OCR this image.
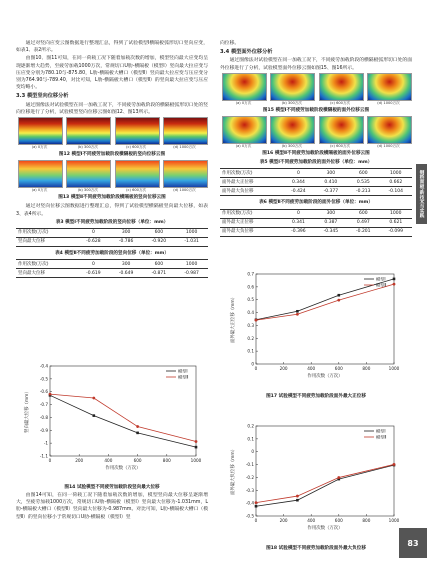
通过对竖向应变云图数据进行整理汇总，得到了试验模型Ⅰ横隔板弧形切口竖向应变，如表1、表2所示。

由图10、图11可知，在同一荷载工况下随着加载次数的增加，模型竖向最大应变均呈现逐渐增大趋势，至疲劳加载1000万次，常规切口U肋-横隔板（模型Ⅰ）竖向最大拉应变与压应变分别为780.10与-875.80，L肋-横隔板大槽口（模型Ⅱ）竖向最大拉应变与压应变分别为764.90与-789.40，对比可知，L肋-横隔板大槽口（模型Ⅱ）的竖向最大拉应变与压应变均略小。

3.3 模型竖向位移分析

通过图像法对试验模型在同一加载工况下，不同疲劳加载阶段的横隔板弧形切口处的竖向位移进行了分析，试验模型竖向位移云图如图12、图13所示。

(a) 0万次	(b) 300万次	(c) 600万次	(d) 1000万次
图12 模型Ⅰ不同疲劳加载阶段横隔板的竖向位移云图
(a) 0万次	(b) 300万次	(c) 600万次	(d) 1000万次
图13 模型Ⅱ不同疲劳加载阶段横隔板的竖向位移云图

通过对竖向位移云图数据进行整理汇总，得到了试验模型横隔板竖向最大位移，如表3、表4所示。

表3 模型Ⅰ不同疲劳加载阶段的竖向位移（单位：mm）
作用次数(万次)	0	300	600	1000
竖向最大位移	-0.628	-0.786	-0.920	-1.031
表4 模型Ⅱ不同疲劳加载阶段的竖向位移（单位：mm）
作用次数(万次)	0	300	600	1000
竖向最大位移	-0.619	-0.649	-0.871	-0.987
-0.4
-0.5
-0.6
-0.7
-0.8
-0.9
-1
-1.1
0	200	400	600	800	1000
作用次数（万次）
竖向最大位移（mm）
模型Ⅰ
模型Ⅱ
图14 试验模型不同疲劳加载阶段竖向最大位移

由图14可知，在同一荷载工况下随着加载次数的增加，模型竖向最大位移呈逐渐增大，至疲劳加载1000万次，常规切口U肋-横隔板（模型Ⅰ）竖向最大位移为-1.031mm，L肋-横隔板大槽口（模型Ⅱ）竖向最大位移为-0.987mm。对比可知，L肋-横隔板大槽口（模型Ⅱ）的竖向位移小于常规切口U肋-横隔板（模型Ⅰ）竖

向位移。

3.4 模型面外位移分析

通过图像法对试验模型在同一加载工况下，不同疲劳加载阶段的横隔板弧形切口处的面外位移进行了分析，试验模型面外位移云图如图15、图16所示。

(a) 0万次	(b) 300万次	(c) 600万次	(d) 1000万次
图15 模型Ⅰ不同疲劳加载阶段横隔板的面外位移云图
(a) 0万次	(b) 300万次	(c) 600万次	(d) 1000万次
图16 模型Ⅱ不同疲劳加载阶段横隔板的面外位移云图
表5 模型Ⅰ不同疲劳加载阶段的面外位移（单位：mm）
作用次数(万次)	0	300	600	1000
面外最大正位移	0.344	0.410	0.535	0.662
面外最大负位移	-0.424	-0.377	-0.213	-0.104
表6 模型Ⅱ不同疲劳加载阶段的面外位移（单位：mm）
作用次数(万次)	0	300	600	1000
面外最大正位移	0.341	0.387	0.497	0.621
面外最大负位移	-0.396	-0.345	-0.201	-0.099
0
0.1
0.2
0.3
0.4
0.5
0.6
0.7
0	200	400	600	800	1000
作用次数（万次）
面外最大正位移（mm）
模型Ⅰ
模型Ⅱ
图17 试验模型不同疲劳加载阶段面外最大正位移
0.2
0.1
0
-0.1
-0.2
-0.3
-0.4
-0.5
0	200	400	600	800	1000
作用次数（万次）
面外最大负位移（mm）
模型Ⅰ
模型Ⅱ
图18 试验模型不同疲劳加载阶段面外最大负位移
钢桥面板·新技术与实践
83
